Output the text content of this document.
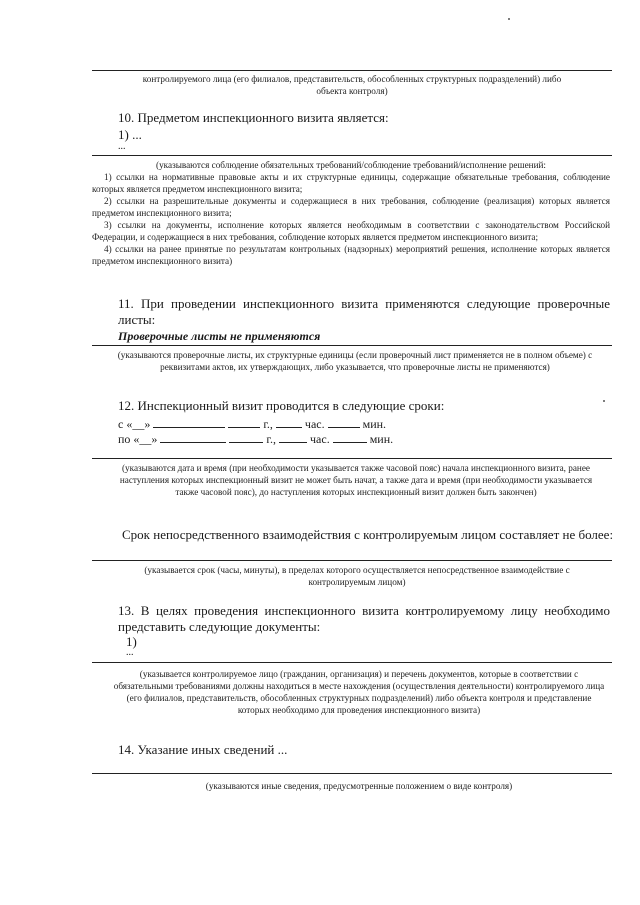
контролируемого лица (его филиалов, представительств, обособленных структурных подразделений) либо
объекта контроля)
10. Предметом инспекционного визита является:
1) ...
...
(указываются соблюдение обязательных требований/соблюдение требований/исполнение решений:
1) ссылки на нормативные правовые акты и их структурные единицы, содержащие обязательные требования, соблюдение которых является предметом инспекционного визита;
2) ссылки на разрешительные документы и содержащиеся в них требования, соблюдение (реализация) которых является предметом инспекционного визита;
3) ссылки на документы, исполнение которых является необходимым в соответствии с законодательством Российской Федерации, и содержащиеся в них требования, соблюдение которых является предметом инспекционного визита;
4) ссылки на ранее принятые по результатам контрольных (надзорных) мероприятий решения, исполнение которых является предметом инспекционного визита)
11. При проведении инспекционного визита применяются следующие проверочные листы:
Проверочные листы не применяются
(указываются проверочные листы, их структурные единицы (если проверочный лист применяется не в полном объеме) с реквизитами актов, их утверждающих, либо указывается, что проверочные листы не применяются)
12. Инспекционный визит проводится в следующие сроки:
с «__»	г.,	час.	мин.
по «__»	г.,	час.	мин.
(указываются дата и время (при необходимости указывается также часовой пояс) начала инспекционного визита, ранее наступления которых инспекционный визит не может быть начат, а также дата и время (при необходимости указывается также часовой пояс), до наступления которых инспекционный визит должен быть закончен)
Срок непосредственного взаимодействия с контролируемым лицом составляет не более:
(указывается срок (часы, минуты), в пределах которого осуществляется непосредственное взаимодействие с контролируемым лицом)
13. В целях проведения инспекционного визита контролируемому лицу необходимо представить следующие документы:
1)
...
(указывается контролируемое лицо (гражданин, организация) и перечень документов, которые в соответствии с обязательными требованиями должны находиться в месте нахождения (осуществления деятельности) контролируемого лица (его филиалов, представительств, обособленных структурных подразделений) либо объекта контроля и представление которых необходимо для проведения инспекционного визита)
14. Указание иных сведений ...
(указываются иные сведения, предусмотренные положением о виде контроля)
